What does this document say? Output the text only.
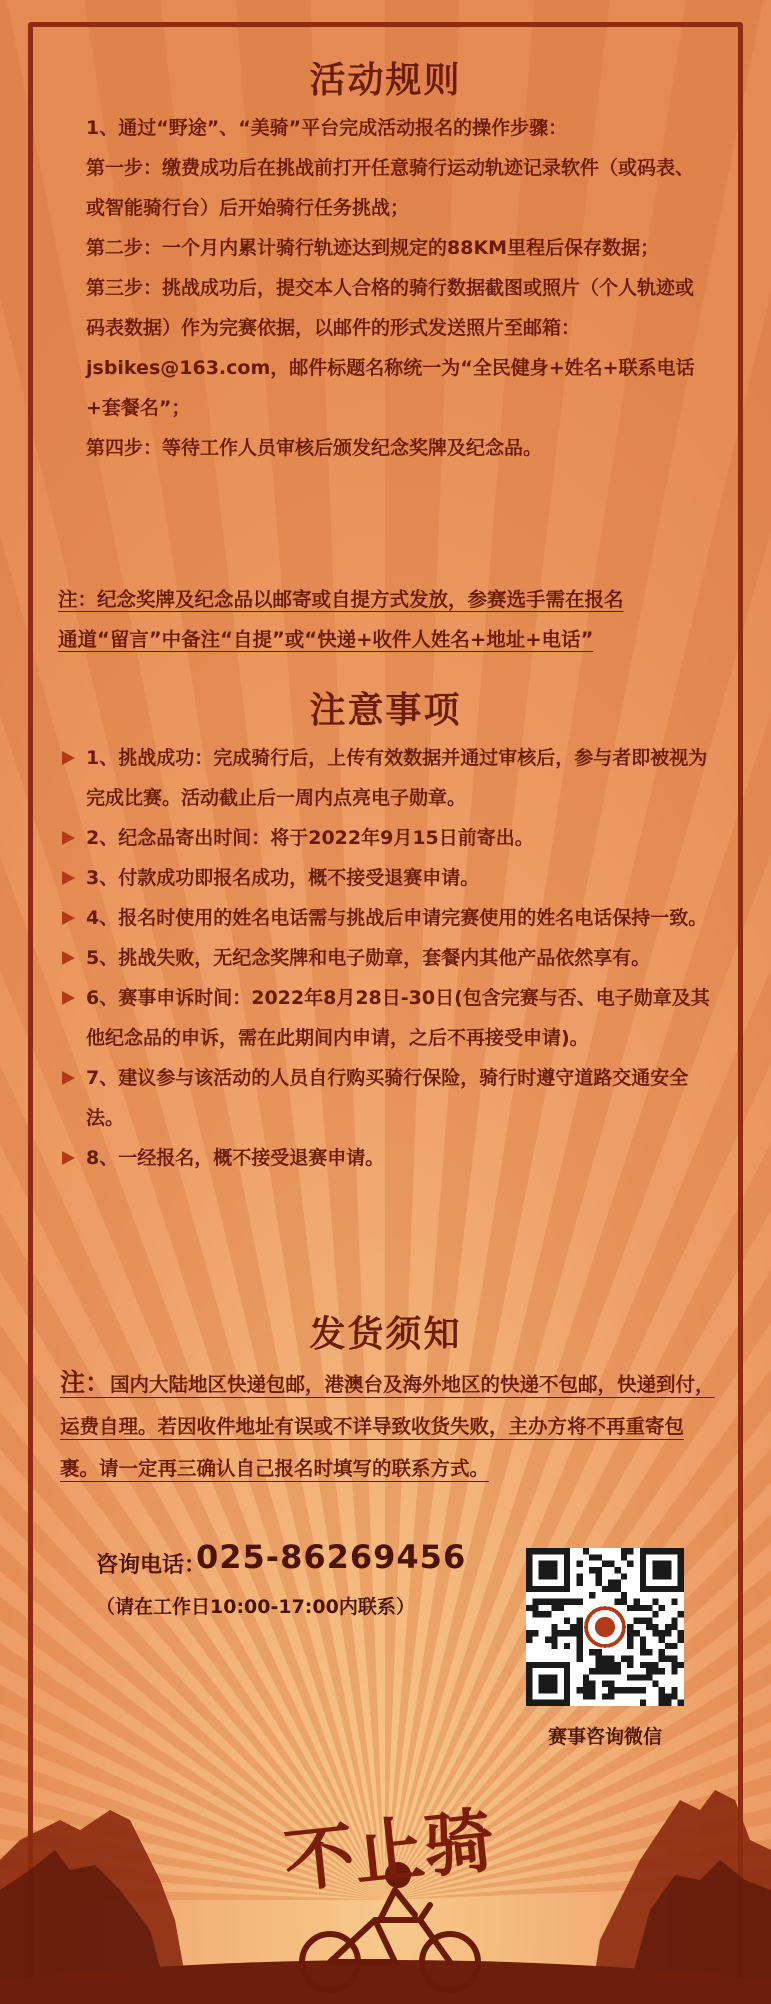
活动规则

1、通过“野途”、“美骑”平台完成活动报名的操作步骤：

第一步：缴费成功后在挑战前打开任意骑行运动轨迹记录软件（或码表、或智能骑行台）后开始骑行任务挑战；

第二步：一个月内累计骑行轨迹达到规定的88KM里程后保存数据；

第三步：挑战成功后，提交本人合格的骑行数据截图或照片（个人轨迹或码表数据）作为完赛依据，以邮件的形式发送照片至邮箱：jsbikes@163.com，邮件标题名称统一为“全民健身+姓名+联系电话+套餐名”；

第四步：等待工作人员审核后颁发纪念奖牌及纪念品。

注：纪念奖牌及纪念品以邮寄或自提方式发放，参赛选手需在报名

通道“留言”中备注“自提”或“快递+收件人姓名+地址+电话”

注意事项
1、挑战成功：完成骑行后，上传有效数据并通过审核后，参与者即被视为完成比赛。活动截止后一周内点亮电子勋章。
2、纪念品寄出时间：将于2022年9月15日前寄出。
3、付款成功即报名成功，概不接受退赛申请。
4、报名时使用的姓名电话需与挑战后申请完赛使用的姓名电话保持一致。
5、挑战失败，无纪念奖牌和电子勋章，套餐内其他产品依然享有。
6、赛事申诉时间：2022年8月28日-30日(包含完赛与否、电子勋章及其他纪念品的申诉，需在此期间内申请，之后不再接受申请)。
7、建议参与该活动的人员自行购买骑行保险，骑行时遵守道路交通安全法。
8、一经报名，概不接受退赛申请。
发货须知
注：国内大陆地区快递包邮，港澳台及海外地区的快递不包邮，快递到付，运费自理。若因收件地址有误或不详导致收货失败，主办方将不再重寄包裹。请一定再三确认自己报名时填写的联系方式。
咨询电话：
025-86269456
（请在工作日10:00-17:00内联系）
赛事咨询微信
不止骑
